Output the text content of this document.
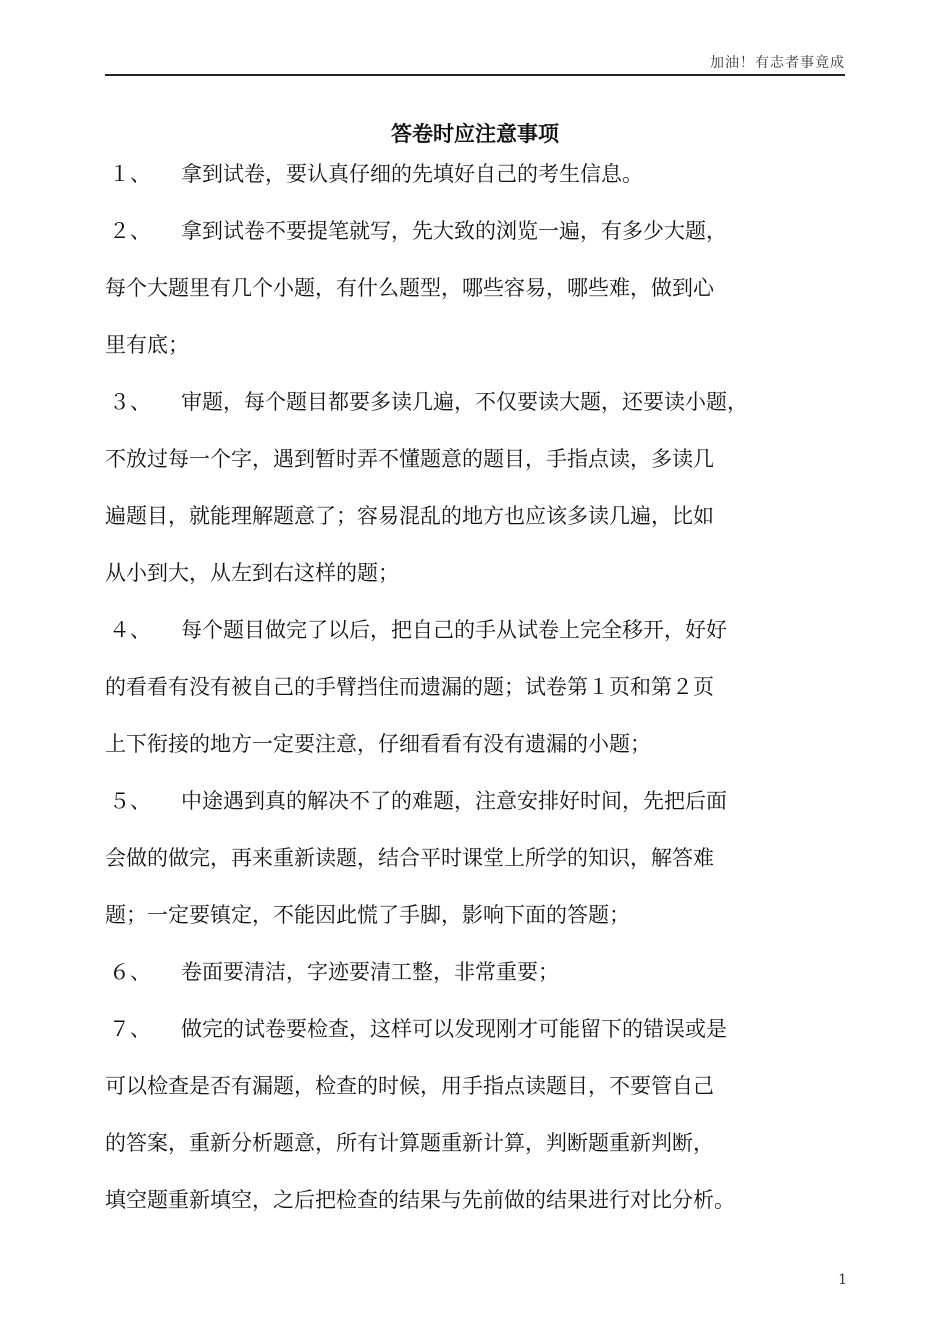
加油！有志者事竟成
答卷时应注意事项
１、 拿到试卷，要认真仔细的先填好自己的考生信息。
２、 拿到试卷不要提笔就写，先大致的浏览一遍，有多少大题，
每个大题里有几个小题，有什么题型，哪些容易，哪些难，做到心
里有底；
３、 审题，每个题目都要多读几遍，不仅要读大题，还要读小题，
不放过每一个字，遇到暂时弄不懂题意的题目，手指点读，多读几
遍题目，就能理解题意了；容易混乱的地方也应该多读几遍，比如
从小到大，从左到右这样的题；
４、 每个题目做完了以后，把自己的手从试卷上完全移开，好好
的看看有没有被自己的手臂挡住而遗漏的题；试卷第１页和第２页
上下衔接的地方一定要注意，仔细看看有没有遗漏的小题；
５、 中途遇到真的解决不了的难题，注意安排好时间，先把后面
会做的做完，再来重新读题，结合平时课堂上所学的知识，解答难
题；一定要镇定，不能因此慌了手脚，影响下面的答题；
６、 卷面要清洁，字迹要清工整，非常重要；
７、 做完的试卷要检查，这样可以发现刚才可能留下的错误或是
可以检查是否有漏题，检查的时候，用手指点读题目，不要管自己
的答案，重新分析题意，所有计算题重新计算，判断题重新判断，
填空题重新填空，之后把检查的结果与先前做的结果进行对比分析。
1
